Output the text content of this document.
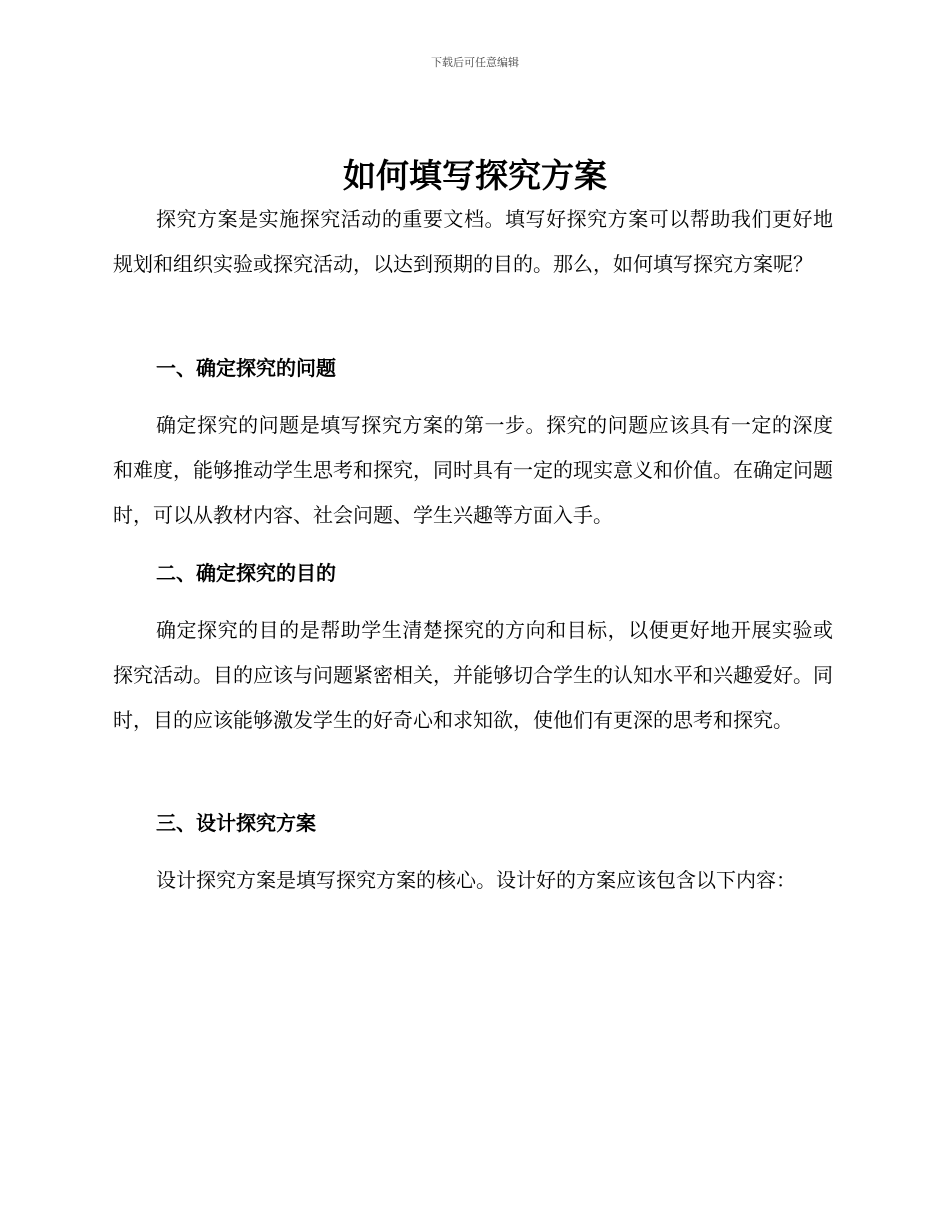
下载后可任意编辑
如何填写探究方案

探究方案是实施探究活动的重要文档。填写好探究方案可以帮助我们更好地规划和组织实验或探究活动，以达到预期的目的。那么，如何填写探究方案呢？

一、确定探究的问题

确定探究的问题是填写探究方案的第一步。探究的问题应该具有一定的深度和难度，能够推动学生思考和探究，同时具有一定的现实意义和价值。在确定问题时，可以从教材内容、社会问题、学生兴趣等方面入手。

二、确定探究的目的

确定探究的目的是帮助学生清楚探究的方向和目标，以便更好地开展实验或探究活动。目的应该与问题紧密相关，并能够切合学生的认知水平和兴趣爱好。同时，目的应该能够激发学生的好奇心和求知欲，使他们有更深的思考和探究。

三、设计探究方案

设计探究方案是填写探究方案的核心。设计好的方案应该包含以下内容：
